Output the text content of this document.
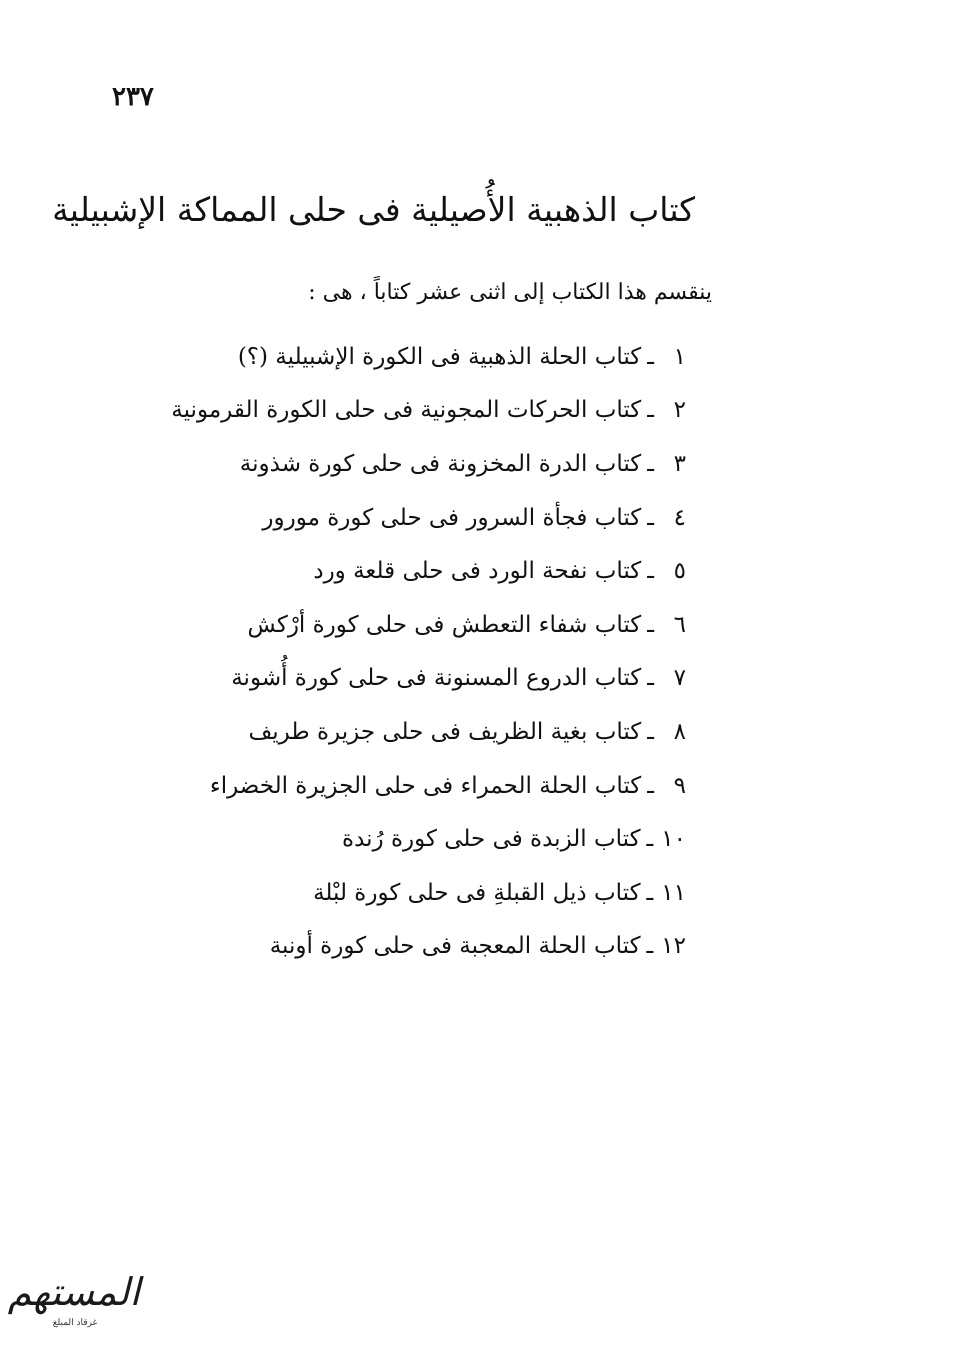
٢٣٧
كتاب الذهبية الأُصيلية فى حلى المماكة الإشبيلية
ينقسم هذا الكتاب إلى اثنى عشر كتاباً ، هى :
١
ـ
كتاب الحلة الذهبية فى الكورة الإشبيلية (؟)
٢
ـ
كتاب الحركات المجونية فى حلى الكورة القرمونية
٣
ـ
كتاب الدرة المخزونة فى حلى كورة شذونة
٤
ـ
كتاب فجأة السرور فى حلى كورة مورور
٥
ـ
كتاب نفحة الورد فى حلى قلعة ورد
٦
ـ
كتاب شفاء التعطش فى حلى كورة أرْكش
٧
ـ
كتاب الدروع المسنونة فى حلى كورة أُشونة
٨
ـ
كتاب بغية الظريف فى حلى جزيرة طريف
٩
ـ
كتاب الحلة الحمراء فى حلى الجزيرة الخضراء
١٠
ـ
كتاب الزبدة فى حلى كورة رُندة
١١
ـ
كتاب ذيل القبلةِ فى حلى كورة لبْلة
١٢
ـ
كتاب الحلة المعجبة فى حلى كورة أونبة
المستهم
غرقاد المبلغ
